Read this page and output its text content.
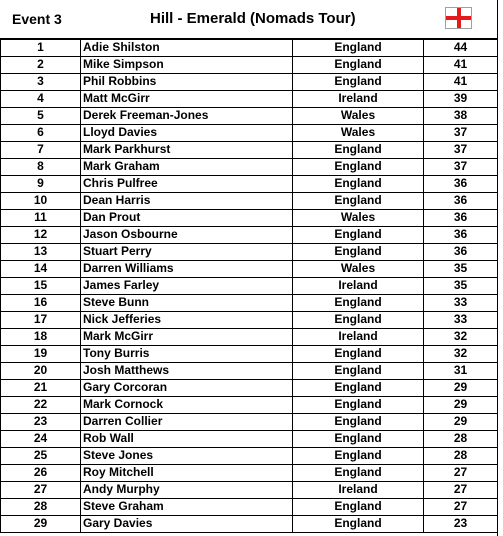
Event 3	Hill - Emerald (Nomads Tour)
1	Adie Shilston	England	44
2	Mike Simpson	England	41
3	Phil Robbins	England	41
4	Matt McGirr	Ireland	39
5	Derek Freeman-Jones	Wales	38
6	Lloyd Davies	Wales	37
7	Mark Parkhurst	England	37
8	Mark Graham	England	37
9	Chris Pulfree	England	36
10	Dean Harris	England	36
11	Dan Prout	Wales	36
12	Jason Osbourne	England	36
13	Stuart Perry	England	36
14	Darren Williams	Wales	35
15	James Farley	Ireland	35
16	Steve Bunn	England	33
17	Nick Jefferies	England	33
18	Mark McGirr	Ireland	32
19	Tony Burris	England	32
20	Josh Matthews	England	31
21	Gary Corcoran	England	29
22	Mark Cornock	England	29
23	Darren Collier	England	29
24	Rob Wall	England	28
25	Steve Jones	England	28
26	Roy Mitchell	England	27
27	Andy Murphy	Ireland	27
28	Steve Graham	England	27
29	Gary Davies	England	23
